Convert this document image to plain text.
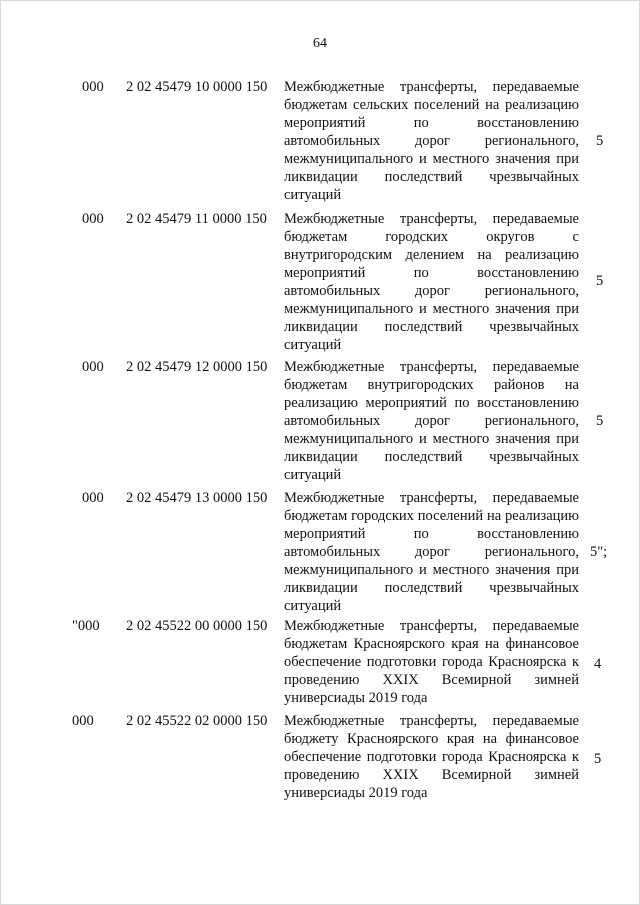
64
000 2 02 45479 10 0000 150 Межбюджетные трансферты, передаваемые бюджетам сельских поселений на реализацию мероприятий по восстановлению автомобильных дорог регионального, межмуниципального и местного значения при ликвидации последствий чрезвычайных ситуаций
5
000 2 02 45479 11 0000 150 Межбюджетные трансферты, передаваемые бюджетам городских округов с внутригородским делением на реализацию мероприятий по восстановлению автомобильных дорог регионального, межмуниципального и местного значения при ликвидации последствий чрезвычайных ситуаций
5
000 2 02 45479 12 0000 150 Межбюджетные трансферты, передаваемые бюджетам внутригородских районов на реализацию мероприятий по восстановлению автомобильных дорог регионального, межмуниципального и местного значения при ликвидации последствий чрезвычайных ситуаций
5
000 2 02 45479 13 0000 150 Межбюджетные трансферты, передаваемые бюджетам городских поселений на реализацию мероприятий по восстановлению автомобильных дорог регионального, межмуниципального и местного значения при ликвидации последствий чрезвычайных ситуаций
5";
"000 2 02 45522 00 0000 150 Межбюджетные трансферты, передаваемые бюджетам Красноярского края на финансовое обеспечение подготовки города Красноярска к проведению XXIX Всемирной зимней универсиады 2019 года
4
000 2 02 45522 02 0000 150 Межбюджетные трансферты, передаваемые бюджету Красноярского края на финансовое обеспечение подготовки города Красноярска к проведению XXIX Всемирной зимней универсиады 2019 года
5
